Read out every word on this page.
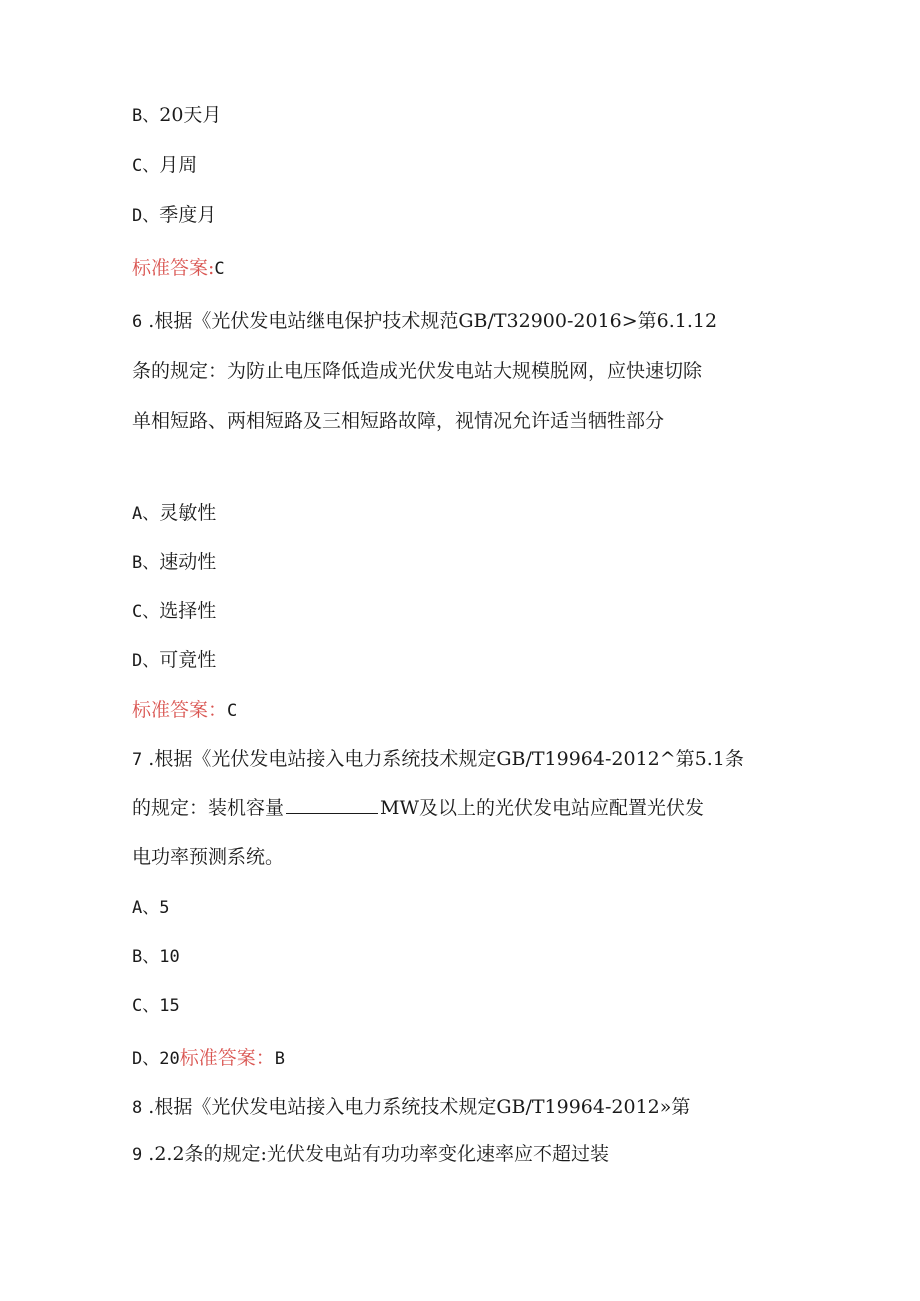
B、20天月
C、月周
D、季度月
标准答案:C
6 .根据《光伏发电站继电保护技术规范GB/T32900-2016>第6.1.12
条的规定：为防止电压降低造成光伏发电站大规模脱网，应快速切除
单相短路、两相短路及三相短路故障，视情况允许适当牺牲部分
A、灵敏性
B、速动性
C、选择性
D、可竟性
标准答案：C
7 .根据《光伏发电站接入电力系统技术规定GB/T19964-2012^第5.1条
的规定：装机容量	MW及以上的光伏发电站应配置光伏发
电功率预测系统。
A、5
B、10
C、15
D、20标准答案：B
8 .根据《光伏发电站接入电力系统技术规定GB/T19964-2012»第
9 .2.2条的规定:光伏发电站有功功率变化速率应不超过装
